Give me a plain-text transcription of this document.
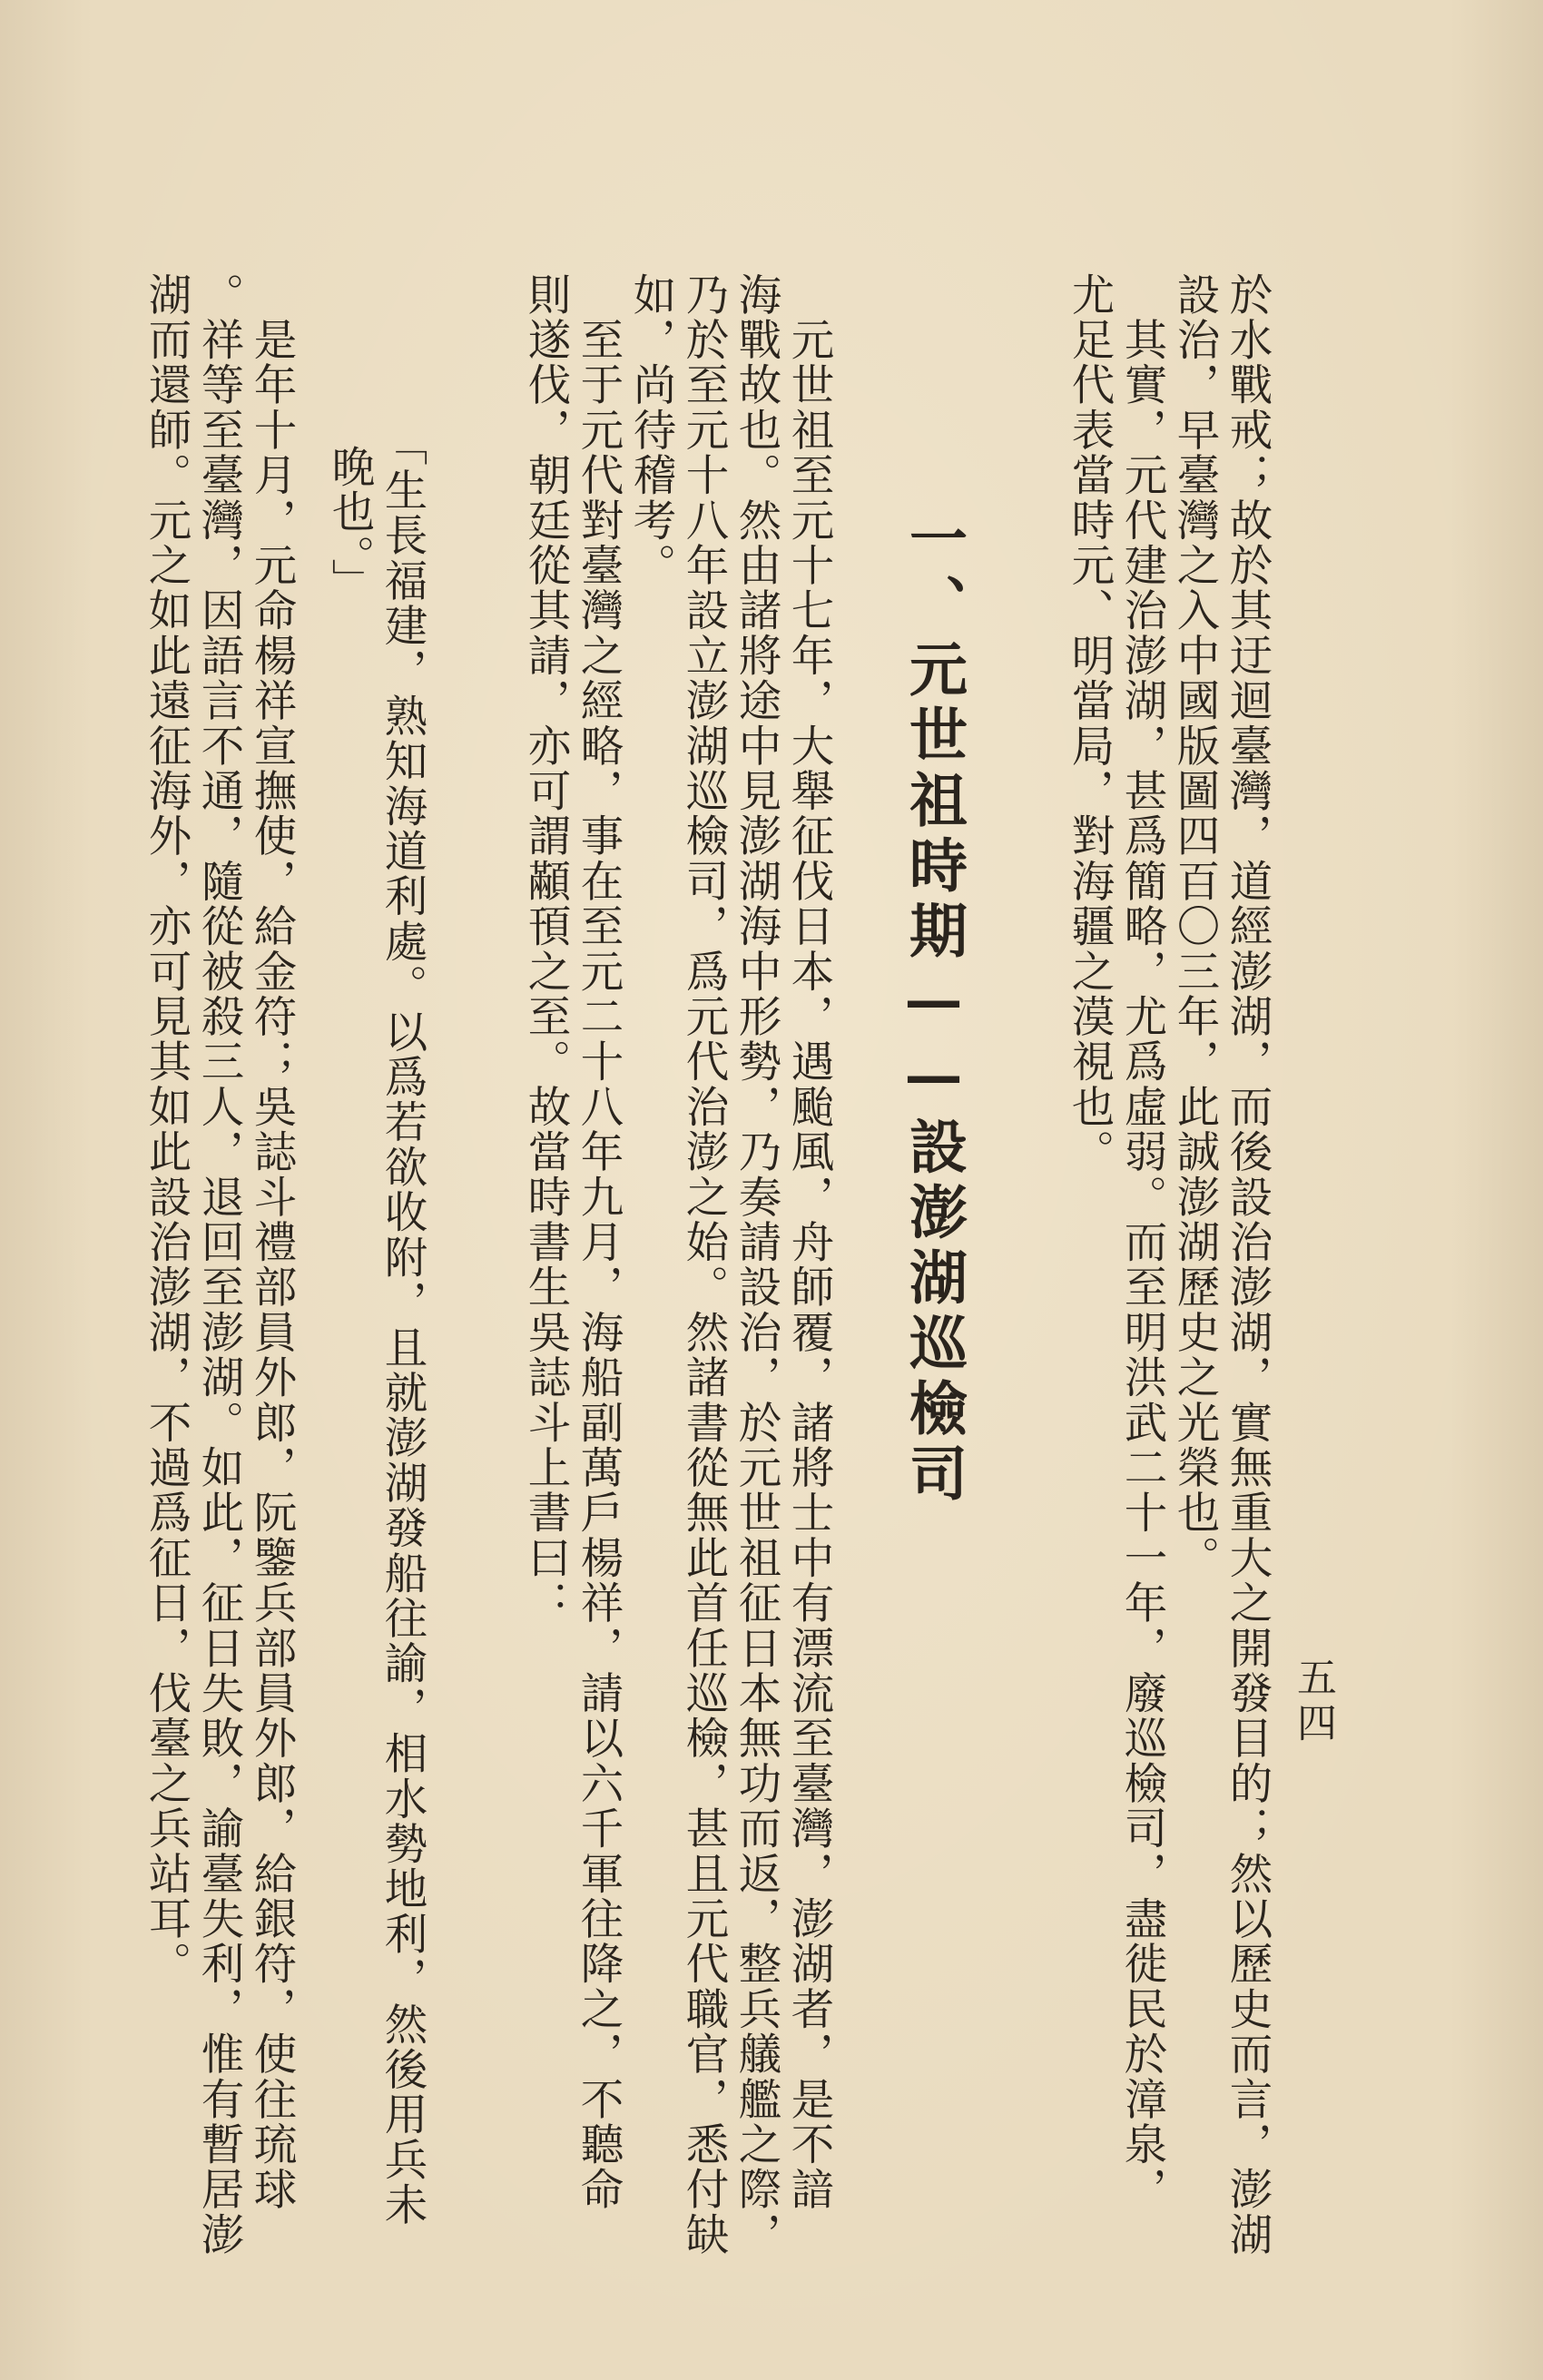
五四
於水戰戒；故於其迂迴臺灣，道經澎湖，而後設治澎湖，實無重大之開發目的；然以歷史而言，澎湖
設治，早臺灣之入中國版圖四百〇三年，此誠澎湖歷史之光榮也。
　其實，元代建治澎湖，甚爲簡略，尤爲虛弱。而至明洪武二十一年，廢巡檢司，盡徙民於漳泉，
尤足代表當時元、明當局，對海疆之漠視也。
一、元世祖時期——設澎湖巡檢司
　元世祖至元十七年，大舉征伐日本，遇颱風，舟師覆，諸將士中有漂流至臺灣，澎湖者，是不諳
海戰故也。然由諸將途中見澎湖海中形勢，乃奏請設治，於元世祖征日本無功而返，整兵艤艦之際，
乃於至元十八年設立澎湖巡檢司，爲元代治澎之始。然諸書從無此首任巡檢，甚且元代職官，悉付缺
如，尚待稽考。
　至于元代對臺灣之經略，事在至元二十八年九月，海船副萬戶楊祥，請以六千軍往降之，不聽命
則遂伐，朝廷從其請，亦可謂顢頇之至。故當時書生吳誌斗上書曰：
　「生長福建，熟知海道利處。以爲若欲收附，且就澎湖發船往諭，相水勢地利，然後用兵未
　晚也。」
　是年十月，元命楊祥宣撫使，給金符；吳誌斗禮部員外郎，阮鑒兵部員外郎，給銀符，使往琉球
。祥等至臺灣，因語言不通，隨從被殺三人，退回至澎湖。如此，征日失敗，諭臺失利，惟有暫居澎
湖而還師。元之如此遠征海外，亦可見其如此設治澎湖，不過爲征日，伐臺之兵站耳。
